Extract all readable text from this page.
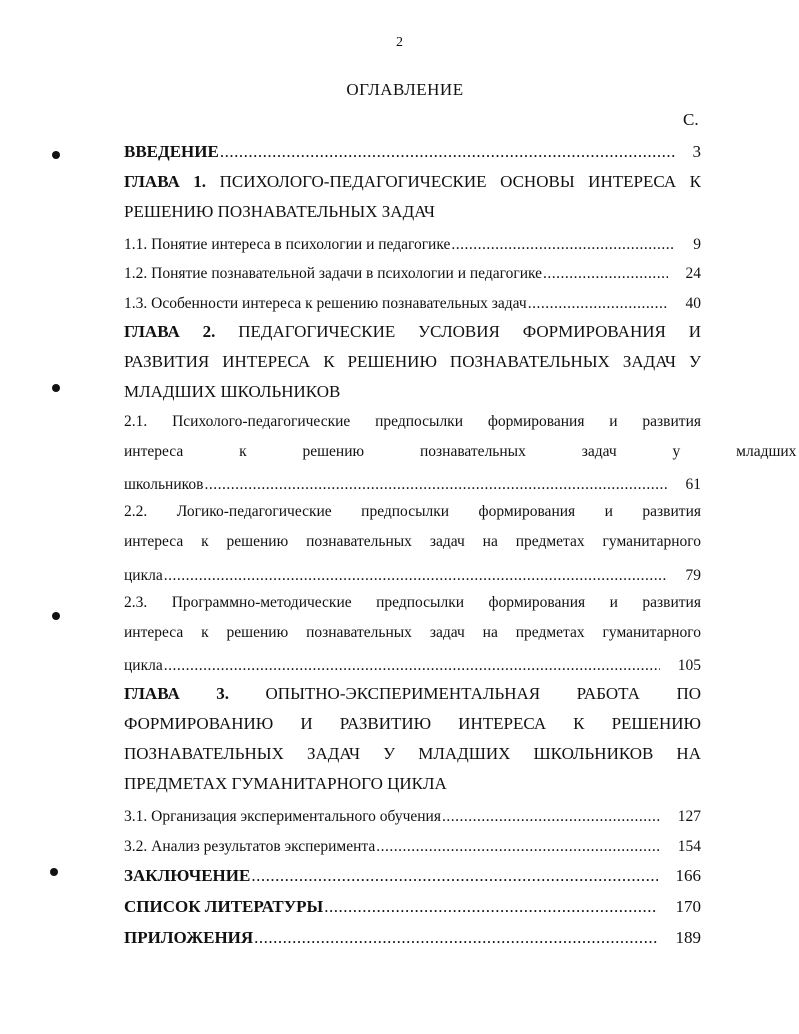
2
ОГЛАВЛЕНИЕ
С.
ВВЕДЕНИЕ .....	3
ГЛАВА 1. ПСИХОЛОГО-ПЕДАГОГИЧЕСКИЕ ОСНОВЫ ИНТЕРЕСА К
РЕШЕНИЮ ПОЗНАВАТЕЛЬНЫХ ЗАДАЧ
1.1. Понятие интереса в психологии и педагогике .....	9
1.2. Понятие познавательной задачи в психологии и педагогике .....	24
1.3. Особенности интереса к решению познавательных задач .....	40
ГЛАВА 2. ПЕДАГОГИЧЕСКИЕ УСЛОВИЯ ФОРМИРОВАНИЯ И
РАЗВИТИЯ ИНТЕРЕСА К РЕШЕНИЮ ПОЗНАВАТЕЛЬНЫХ ЗАДАЧ У
МЛАДШИХ ШКОЛЬНИКОВ
2.1. Психолого-педагогические предпосылки формирования и развития
интереса к решению познавательных задач у младших
школьников .....	61
2.2. Логико-педагогические предпосылки формирования и развития
интереса к решению познавательных задач на предметах гуманитарного
цикла .....	79
2.3. Программно-методические предпосылки формирования и развития
интереса к решению познавательных задач на предметах гуманитарного
цикла .....	105
ГЛАВА 3. ОПЫТНО-ЭКСПЕРИМЕНТАЛЬНАЯ РАБОТА ПО
ФОРМИРОВАНИЮ И РАЗВИТИЮ ИНТЕРЕСА К РЕШЕНИЮ
ПОЗНАВАТЕЛЬНЫХ ЗАДАЧ У МЛАДШИХ ШКОЛЬНИКОВ НА
ПРЕДМЕТАХ ГУМАНИТАРНОГО ЦИКЛА
3.1. Организация экспериментального обучения .....	127
3.2. Анализ результатов эксперимента .....	154
ЗАКЛЮЧЕНИЕ .....	166
СПИСОК ЛИТЕРАТУРЫ .....	170
ПРИЛОЖЕНИЯ .....	189
